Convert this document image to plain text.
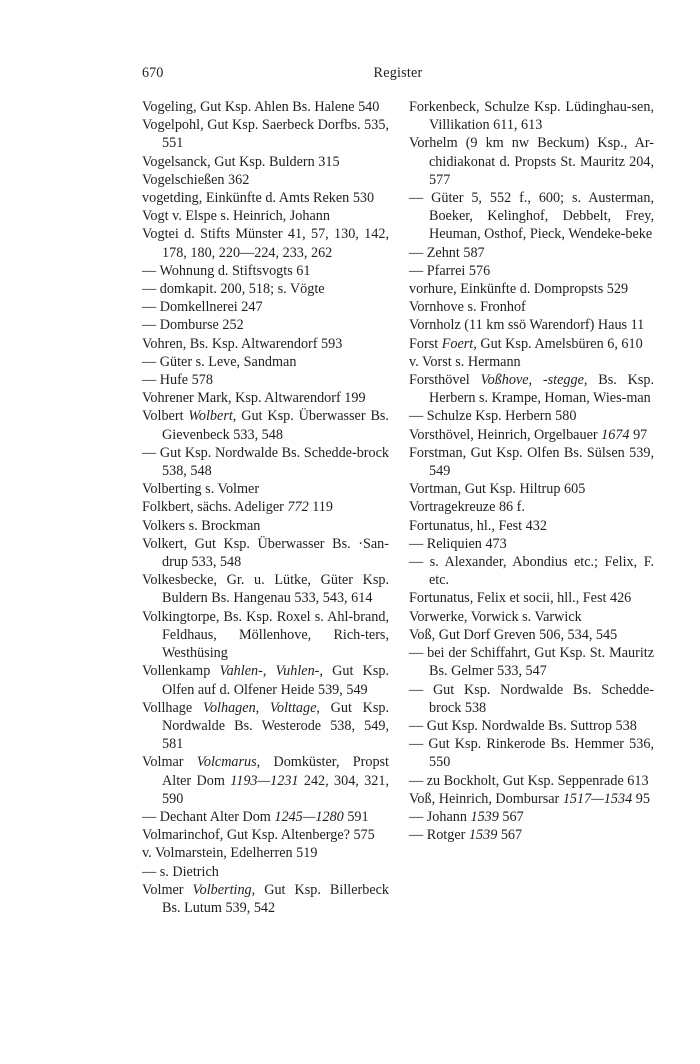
670	Register
Vogeling, Gut Ksp. Ahlen Bs. Halene 540
Vogelpohl, Gut Ksp. Saerbeck Dorfbs. 535, 551
Vogelsanck, Gut Ksp. Buldern 315
Vogelschießen 362
vogetding, Einkünfte d. Amts Reken 530
Vogt v. Elspe s. Heinrich, Johann
Vogtei d. Stifts Münster 41, 57, 130, 142, 178, 180, 220—224, 233, 262
— Wohnung d. Stiftsvogts 61
— domkapit. 200, 518; s. Vögte
— Domkellnerei 247
— Domburse 252
Vohren, Bs. Ksp. Altwarendorf 593
— Güter s. Leve, Sandman
— Hufe 578
Vohrener Mark, Ksp. Altwarendorf 199
Volbert Wolbert, Gut Ksp. Überwasser Bs. Gievenbeck 533, 548
— Gut Ksp. Nordwalde Bs. Schedde-brock 538, 548
Volberting s. Volmer
Folkbert, sächs. Adeliger 772 119
Volkers s. Brockman
Volkert, Gut Ksp. Überwasser Bs. ·San-drup 533, 548
Volkesbecke, Gr. u. Lütke, Güter Ksp. Buldern Bs. Hangenau 533, 543, 614
Volkingtorpe, Bs. Ksp. Roxel s. Ahl-brand, Feldhaus, Möllenhove, Rich-ters, Westhüsing
Vollenkamp Vahlen-, Vuhlen-, Gut Ksp. Olfen auf d. Olfener Heide 539, 549
Vollhage Volhagen, Volttage, Gut Ksp. Nordwalde Bs. Westerode 538, 549, 581
Volmar Volcmarus, Domküster, Propst Alter Dom 1193—1231 242, 304, 321, 590
— Dechant Alter Dom 1245—1280 591
Volmarinchof, Gut Ksp. Altenberge? 575
v. Volmarstein, Edelherren 519
— s. Dietrich
Volmer Volberting, Gut Ksp. Billerbeck Bs. Lutum 539, 542
Forkenbeck, Schulze Ksp. Lüdinghau-sen, Villikation 611, 613
Vorhelm (9 km nw Beckum) Ksp., Ar-chidiakonat d. Propsts St. Mauritz 204, 577
— Güter 5, 552 f., 600; s. Austerman, Boeker, Kelinghof, Debbelt, Frey, Heuman, Osthof, Pieck, Wendeke-beke
— Zehnt 587
— Pfarrei 576
vorhure, Einkünfte d. Dompropsts 529
Vornhove s. Fronhof
Vornholz (11 km ssö Warendorf) Haus 11
Forst Foert, Gut Ksp. Amelsbüren 6, 610
v. Vorst s. Hermann
Forsthövel Voßhove, -stegge, Bs. Ksp. Herbern s. Krampe, Homan, Wies-man
— Schulze Ksp. Herbern 580
Vorsthövel, Heinrich, Orgelbauer 1674 97
Forstman, Gut Ksp. Olfen Bs. Sülsen 539, 549
Vortman, Gut Ksp. Hiltrup 605
Vortragekreuze 86 f.
Fortunatus, hl., Fest 432
— Reliquien 473
— s. Alexander, Abondius etc.; Felix, F. etc.
Fortunatus, Felix et socii, hll., Fest 426
Vorwerke, Vorwick s. Varwick
Voß, Gut Dorf Greven 506, 534, 545
— bei der Schiffahrt, Gut Ksp. St. Mauritz Bs. Gelmer 533, 547
— Gut Ksp. Nordwalde Bs. Schedde-brock 538
— Gut Ksp. Nordwalde Bs. Suttrop 538
— Gut Ksp. Rinkerode Bs. Hemmer 536, 550
— zu Bockholt, Gut Ksp. Seppenrade 613
Voß, Heinrich, Dombursar 1517—1534 95
— Johann 1539 567
— Rotger 1539 567
